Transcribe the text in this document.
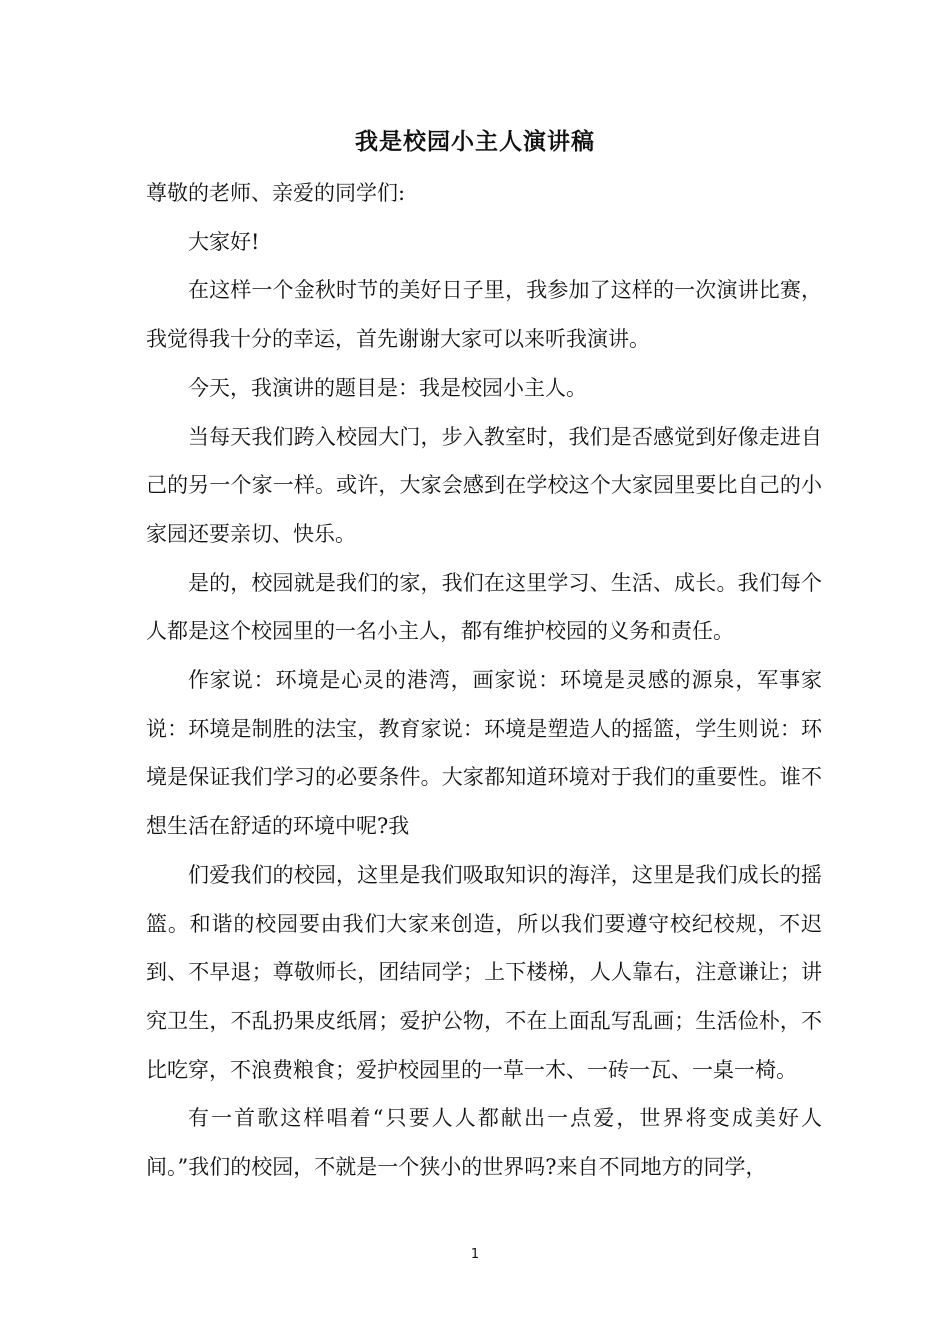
我是校园小主人演讲稿

尊敬的老师、亲爱的同学们:

大家好!

在这样一个金秋时节的美好日子里，我参加了这样的一次演讲比赛，我觉得我十分的幸运，首先谢谢大家可以来听我演讲。

今天，我演讲的题目是：我是校园小主人。

当每天我们跨入校园大门，步入教室时，我们是否感觉到好像走进自己的另一个家一样。或许，大家会感到在学校这个大家园里要比自己的小家园还要亲切、快乐。

是的，校园就是我们的家，我们在这里学习、生活、成长。我们每个人都是这个校园里的一名小主人，都有维护校园的义务和责任。

作家说：环境是心灵的港湾，画家说：环境是灵感的源泉，军事家说：环境是制胜的法宝，教育家说：环境是塑造人的摇篮，学生则说：环境是保证我们学习的必要条件。大家都知道环境对于我们的重要性。谁不想生活在舒适的环境中呢?我

们爱我们的校园，这里是我们吸取知识的海洋，这里是我们成长的摇篮。和谐的校园要由我们大家来创造，所以我们要遵守校纪校规，不迟到、不早退；尊敬师长，团结同学；上下楼梯，人人靠右，注意谦让；讲究卫生，不乱扔果皮纸屑；爱护公物，不在上面乱写乱画；生活俭朴，不比吃穿，不浪费粮食；爱护校园里的一草一木、一砖一瓦、一桌一椅。

有一首歌这样唱着“只要人人都献出一点爱，世界将变成美好人间。”我们的校园，不就是一个狭小的世界吗?来自不同地方的同学，

1
